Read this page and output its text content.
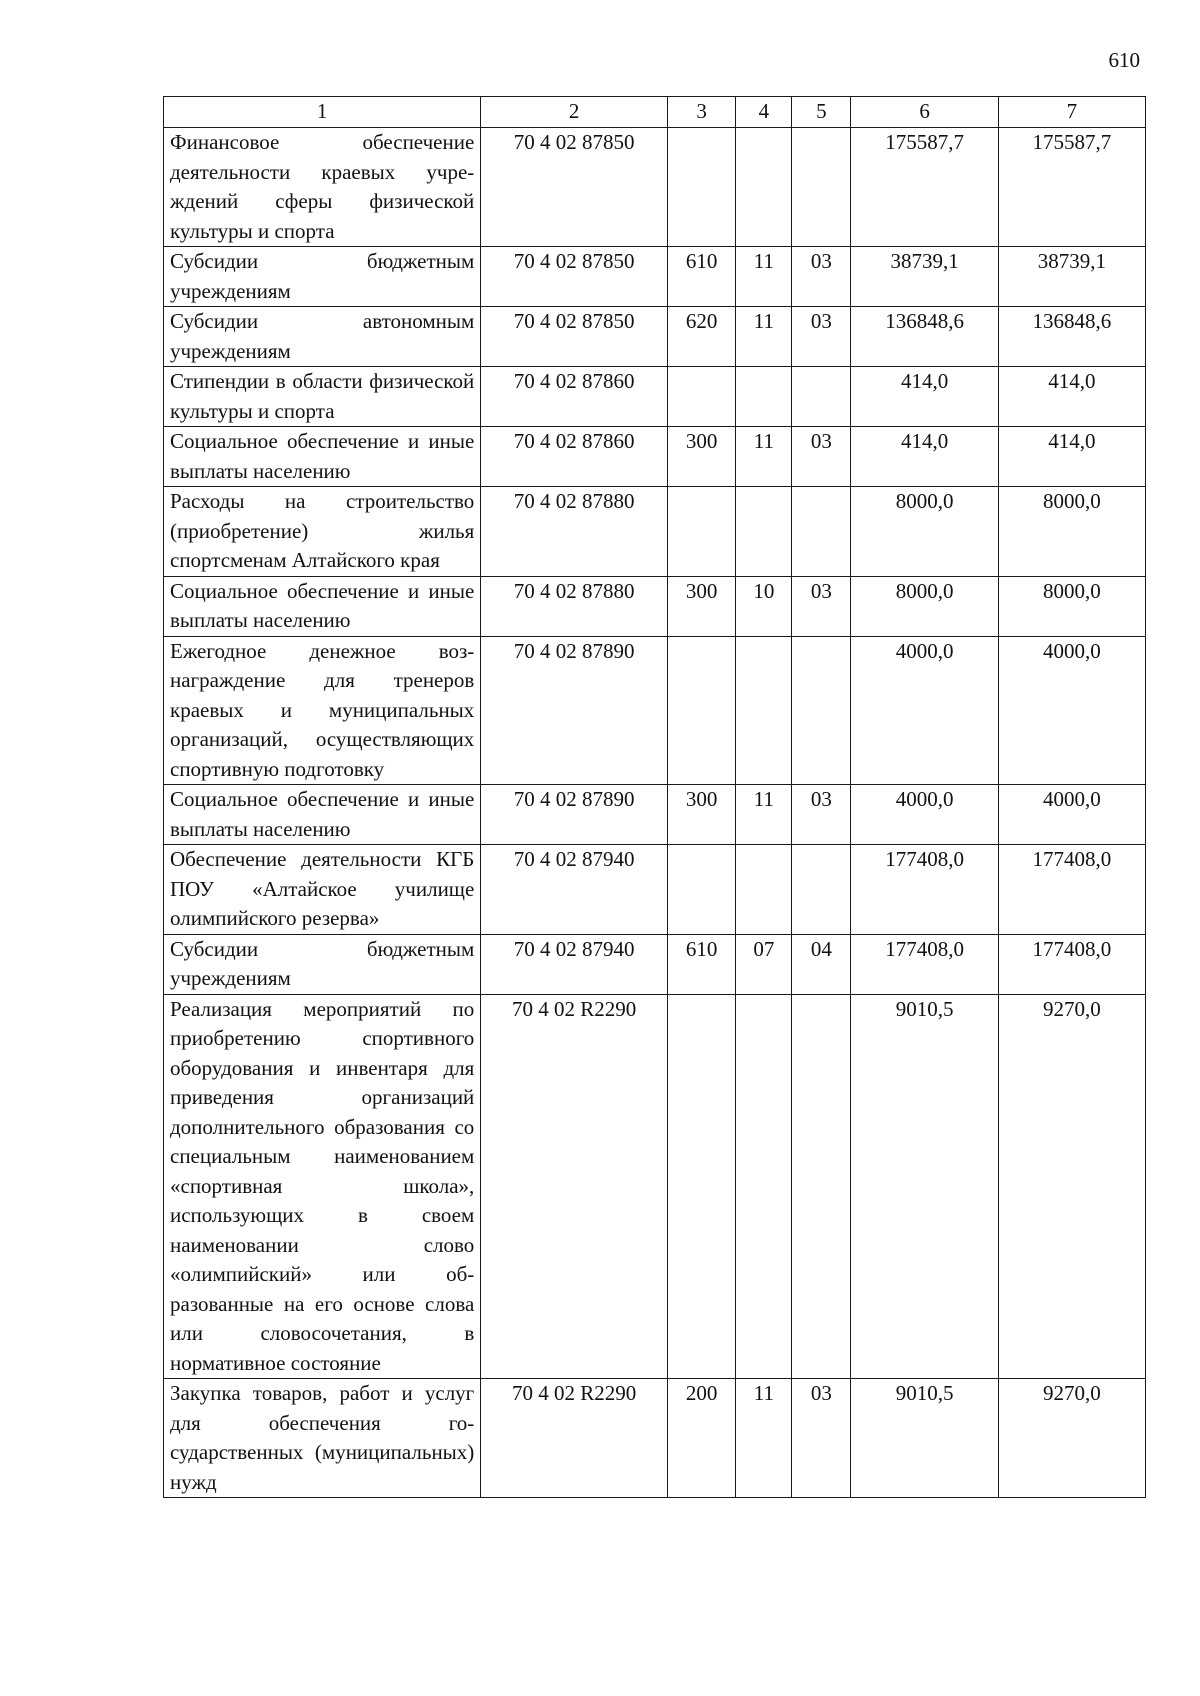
610
1	2	3	4	5	6	7
Финансовое обеспечение деятельности краевых учреждений сферы физической культуры и спорта	70 4 02 87850				175587,7	175587,7
Субсидии бюджетным учреждениям	70 4 02 87850	610	11	03	38739,1	38739,1
Субсидии автономным учреждениям	70 4 02 87850	620	11	03	136848,6	136848,6
Стипендии в области физической культуры и спорта	70 4 02 87860				414,0	414,0
Социальное обеспечение и иные выплаты населению	70 4 02 87860	300	11	03	414,0	414,0
Расходы на строительство (приобретение) жилья спортсменам Алтайского края	70 4 02 87880				8000,0	8000,0
Социальное обеспечение и иные выплаты населению	70 4 02 87880	300	10	03	8000,0	8000,0
Ежегодное денежное вознаграждение для тренеров краевых и муниципальных организаций, осуществляющих спортивную подготовку	70 4 02 87890				4000,0	4000,0
Социальное обеспечение и иные выплаты населению	70 4 02 87890	300	11	03	4000,0	4000,0
Обеспечение деятельности КГБ ПОУ «Алтайское училище олимпийского резерва»	70 4 02 87940				177408,0	177408,0
Субсидии бюджетным учреждениям	70 4 02 87940	610	07	04	177408,0	177408,0
Реализация мероприятий по приобретению спортивного оборудования и инвентаря для приведения организаций дополнительного образования со специальным наименованием «спортивная школа», использующих в своем наименовании слово «олимпийский» или образованные на его основе слова или словосочетания, в нормативное состояние	70 4 02 R2290				9010,5	9270,0
Закупка товаров, работ и услуг для обеспечения государственных (муниципальных) нужд	70 4 02 R2290	200	11	03	9010,5	9270,0
